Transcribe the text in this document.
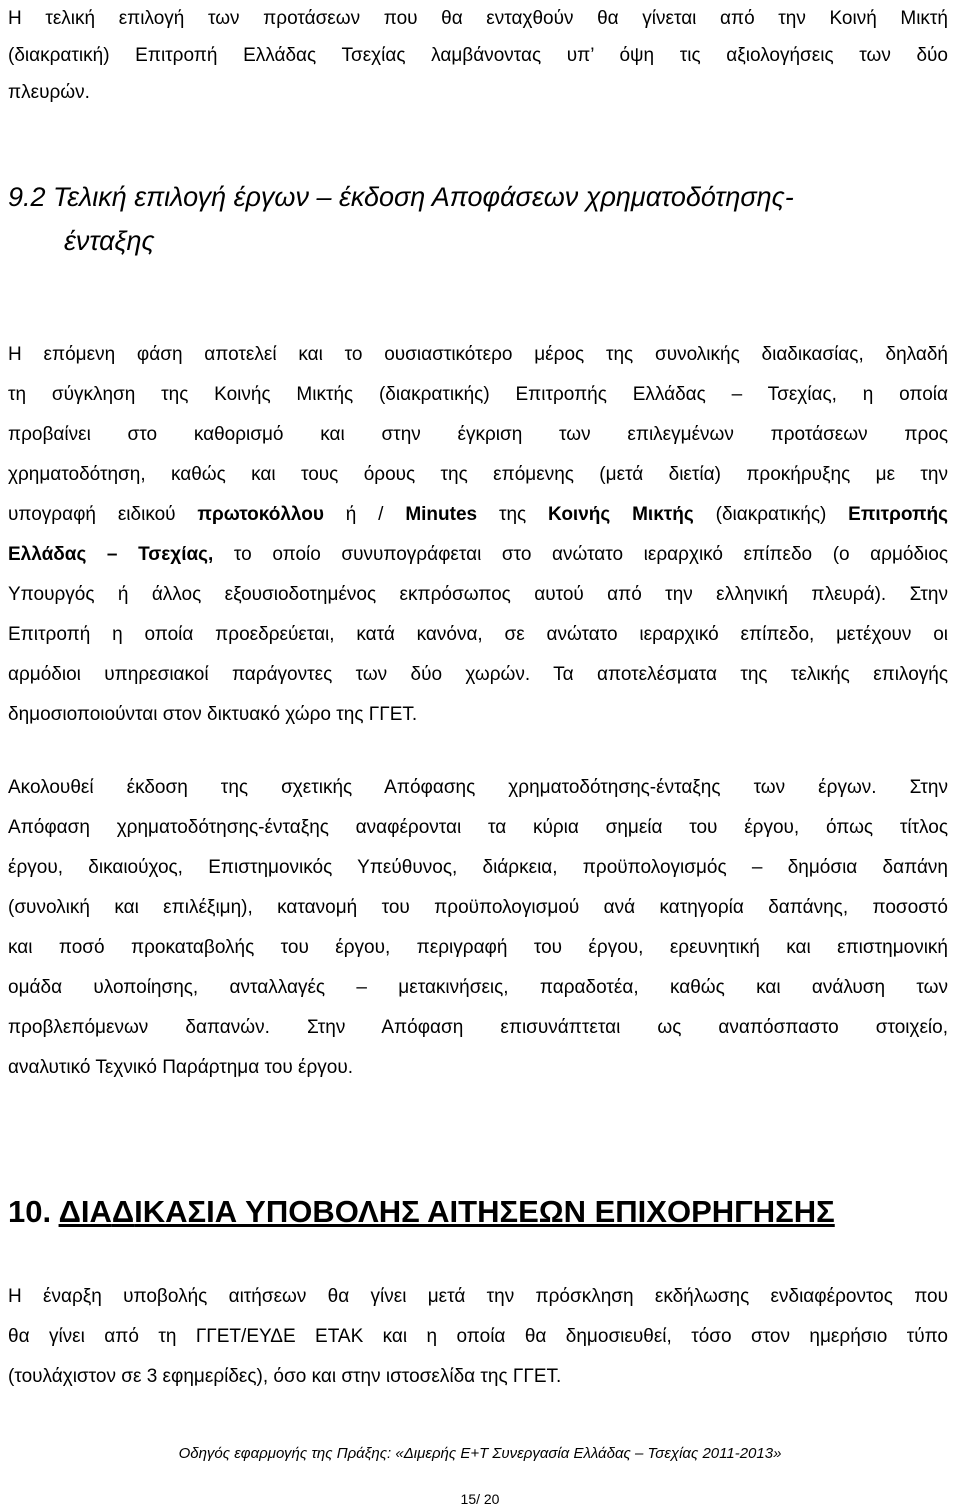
Η τελική επιλογή των προτάσεων που θα ενταχθούν θα γίνεται από την Κοινή Μικτή
(διακρατική) Επιτροπή Ελλάδας Τσεχίας λαμβάνοντας υπ’ όψη τις αξιολογήσεις των δύο
πλευρών.

9.2 Τελική επιλογή έργων – έκδοση Αποφάσεων χρηματοδότησης-
ένταξης

Η επόμενη φάση αποτελεί και το ουσιαστικότερο μέρος της συνολικής διαδικασίας, δηλαδή
τη σύγκληση της Κοινής Μικτής (διακρατικής) Επιτροπής Ελλάδας – Τσεχίας, η οποία
προβαίνει στο καθορισμό και στην έγκριση των επιλεγμένων προτάσεων προς
χρηματοδότηση, καθώς και τους όρους της επόμενης (μετά διετία) προκήρυξης με την
υπογραφή ειδικού πρωτοκόλλου ή / Minutes της Κοινής Μικτής (διακρατικής) Επιτροπής
Ελλάδας – Τσεχίας, το οποίο συνυπογράφεται στο ανώτατο ιεραρχικό επίπεδο (ο αρμόδιος
Υπουργός ή άλλος εξουσιοδοτημένος εκπρόσωπος αυτού από την ελληνική πλευρά). Στην
Επιτροπή η οποία προεδρεύεται, κατά κανόνα, σε ανώτατο ιεραρχικό επίπεδο, μετέχουν οι
αρμόδιοι υπηρεσιακοί παράγοντες των δύο χωρών. Τα αποτελέσματα της τελικής επιλογής
δημοσιοποιούνται στον δικτυακό χώρο της ΓΓΕΤ.

Ακολουθεί έκδοση της σχετικής Απόφασης χρηματοδότησης-ένταξης των έργων. Στην
Απόφαση χρηματοδότησης-ένταξης αναφέρονται τα κύρια σημεία του έργου, όπως τίτλος
έργου, δικαιούχος, Επιστημονικός Υπεύθυνος, διάρκεια, προϋπολογισμός – δημόσια δαπάνη
(συνολική και επιλέξιμη), κατανομή του προϋπολογισμού ανά κατηγορία δαπάνης, ποσοστό
και ποσό προκαταβολής του έργου, περιγραφή του έργου, ερευνητική και επιστημονική
ομάδα υλοποίησης, ανταλλαγές – μετακινήσεις, παραδοτέα, καθώς και ανάλυση των
προβλεπόμενων δαπανών. Στην Απόφαση επισυνάπτεται ως αναπόσπαστο στοιχείο,
αναλυτικό Τεχνικό Παράρτημα του έργου.

10. ΔΙΑΔΙΚΑΣΙΑ ΥΠΟΒΟΛΗΣ ΑΙΤΗΣΕΩΝ ΕΠΙΧΟΡΗΓΗΣΗΣ

Η έναρξη υποβολής αιτήσεων θα γίνει μετά την πρόσκληση εκδήλωσης ενδιαφέροντος που
θα γίνει από τη ΓΓΕΤ/ΕΥΔΕ ΕΤΑΚ και η οποία θα δημοσιευθεί, τόσο στον ημερήσιο τύπο
(τουλάχιστον σε 3 εφημερίδες), όσο και στην ιστοσελίδα της ΓΓΕΤ.

Οδηγός εφαρμογής της Πράξης: «Διμερής Ε+Τ Συνεργασία Ελλάδας – Τσεχίας 2011-2013»
15/ 20
